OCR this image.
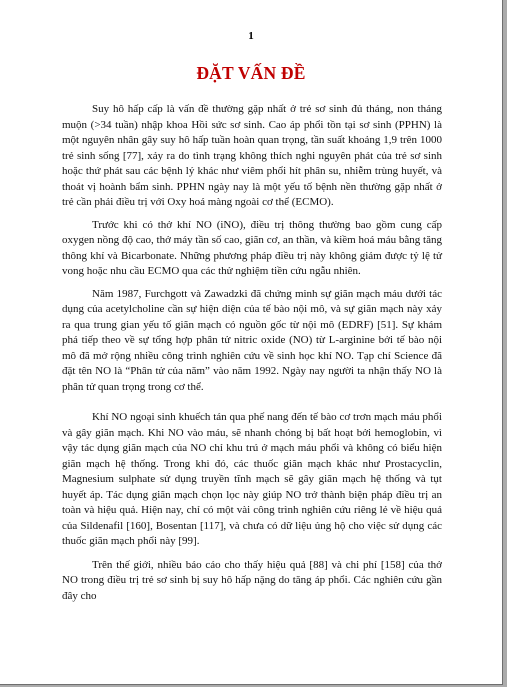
1
ĐẶT VẤN ĐỀ

Suy hô hấp cấp là vấn đề thường gặp nhất ở trẻ sơ sinh đủ tháng, non tháng muộn (>34 tuần) nhập khoa Hồi sức sơ sinh. Cao áp phổi tồn tại sơ sinh (PPHN) là một nguyên nhân gây suy hô hấp tuần hoàn quan trọng, tần suất khoảng 1,9 trên 1000 trẻ sinh sống [77], xảy ra do tình trạng không thích nghi nguyên phát của trẻ sơ sinh hoặc thứ phát sau các bệnh lý khác như viêm phổi hít phân su, nhiễm trùng huyết, và thoát vị hoành bẩm sinh. PPHN ngày nay là một yếu tố bệnh nền thường gặp nhất ở trẻ cần phải điều trị với Oxy hoá màng ngoài cơ thể (ECMO).

Trước khi có thở khí NO (iNO), điều trị thông thường bao gồm cung cấp oxygen nồng độ cao, thở máy tần số cao, giãn cơ, an thần, và kiềm hoá máu bằng tăng thông khí và Bicarbonate. Những phương pháp điều trị này không giảm được tỷ lệ tử vong hoặc nhu cầu ECMO qua các thử nghiệm tiền cứu ngẫu nhiên.

Năm 1987, Furchgott và Zawadzki đã chứng minh sự giãn mạch máu dưới tác dụng của acetylcholine cần sự hiện diện của tế bào nội mô, và sự giãn mạch này xảy ra qua trung gian yếu tố giãn mạch có nguồn gốc từ nội mô (EDRF) [51]. Sự khám phá tiếp theo về sự tổng hợp phân tử nitric oxide (NO) từ L-arginine bởi tế bào nội mô đã mở rộng nhiều công trình nghiên cứu về sinh học khí NO. Tạp chí Science đã đặt tên NO là “Phân tử của năm” vào năm 1992. Ngày nay người ta nhận thấy NO là phân tử quan trọng trong cơ thể.

Khí NO ngoại sinh khuếch tán qua phế nang đến tế bào cơ trơn mạch máu phổi và gây giãn mạch. Khi NO vào máu, sẽ nhanh chóng bị bất hoạt bởi hemoglobin, vì vậy tác dụng giãn mạch của NO chỉ khu trú ở mạch máu phổi và không có biểu hiện giãn mạch hệ thống. Trong khi đó, các thuốc giãn mạch khác như Prostacyclin, Magnesium sulphate sử dụng truyền tĩnh mạch sẽ gây giãn mạch hệ thống và tụt huyết áp. Tác dụng giãn mạch chọn lọc này giúp NO trở thành biện pháp điều trị an toàn và hiệu quả. Hiện nay, chỉ có một vài công trình nghiên cứu riêng lẻ về hiệu quả của Sildenafil [160], Bosentan [117], và chưa có dữ liệu ủng hộ cho việc sử dụng các thuốc giãn mạch phổi này [99].

Trên thế giới, nhiều báo cáo cho thấy hiệu quả [88] và chi phí [158] của thở NO trong điều trị trẻ sơ sinh bị suy hô hấp nặng do tăng áp phổi. Các nghiên cứu gần đây cho
